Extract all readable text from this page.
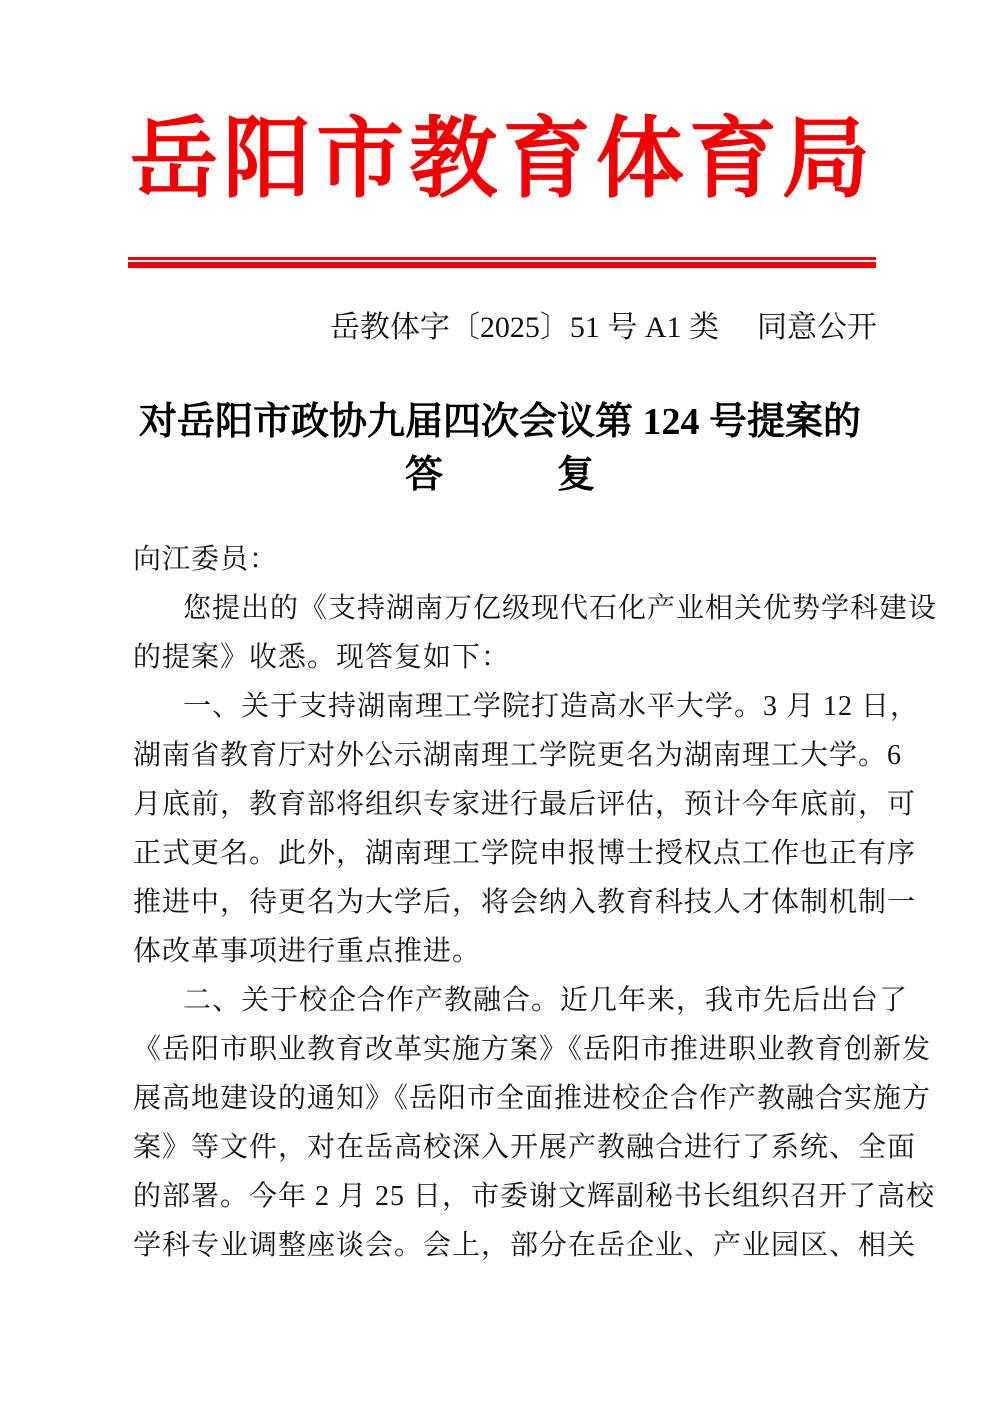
岳阳市教育体育局
岳教体字〔2025〕51 号 A1 类 同意公开
对岳阳市政协九届四次会议第 124 号提案的
答　　　复
向江委员：
您提出的《支持湖南万亿级现代石化产业相关优势学科建设
的提案》收悉。现答复如下：
一、关于支持湖南理工学院打造高水平大学。3 月 12 日，
湖南省教育厅对外公示湖南理工学院更名为湖南理工大学。6
月底前，教育部将组织专家进行最后评估，预计今年底前，可
正式更名。此外，湖南理工学院申报博士授权点工作也正有序
推进中，待更名为大学后，将会纳入教育科技人才体制机制一
体改革事项进行重点推进。
二、关于校企合作产教融合。近几年来，我市先后出台了
《岳阳市职业教育改革实施方案》《岳阳市推进职业教育创新发
展高地建设的通知》《岳阳市全面推进校企合作产教融合实施方
案》等文件，对在岳高校深入开展产教融合进行了系统、全面
的部署。今年 2 月 25 日，市委谢文辉副秘书长组织召开了高校
学科专业调整座谈会。会上，部分在岳企业、产业园区、相关
